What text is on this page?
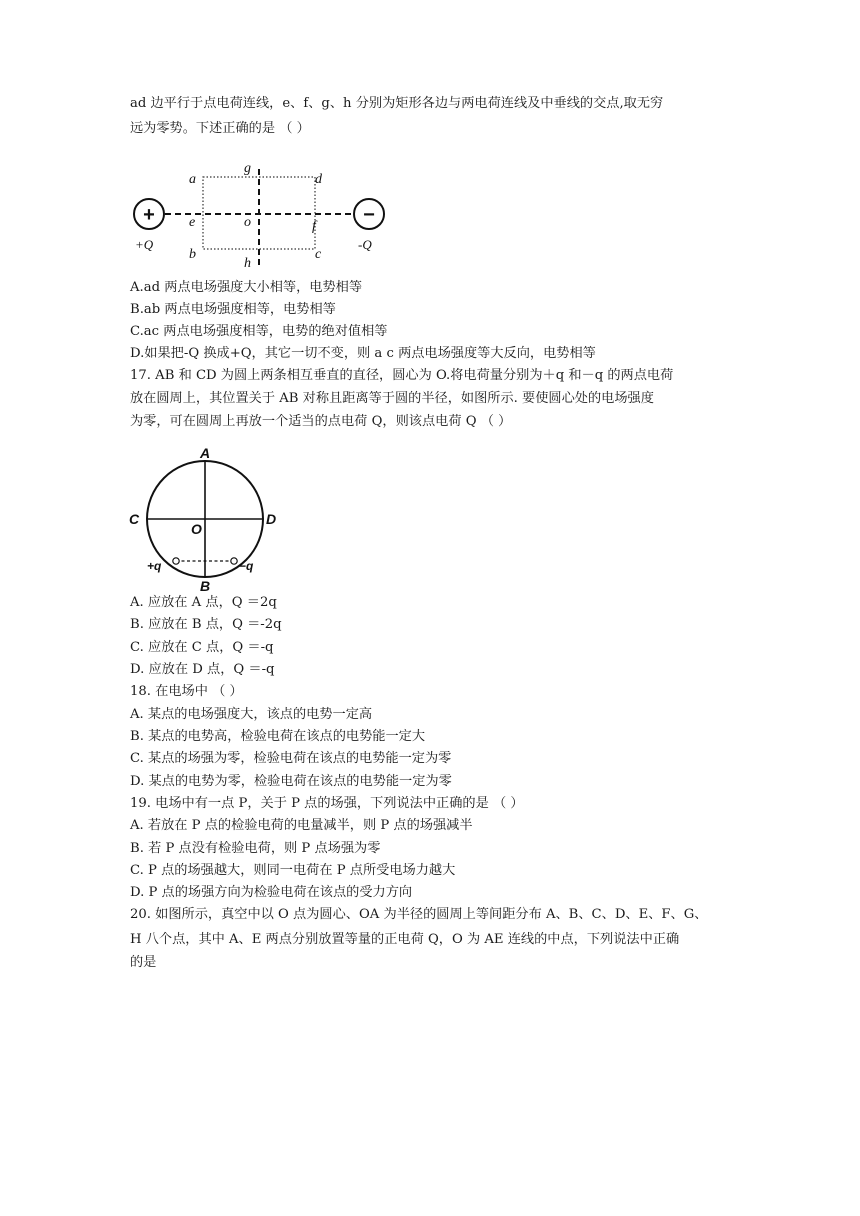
ad 边平行于点电荷连线，e、f、g、h 分别为矩形各边与两电荷连线及中垂线的交点,取无穷
远为零势。下述正确的是 （ ）
A.ad 两点电场强度大小相等，电势相等
B.ab 两点电场强度相等，电势相等
C.ac 两点电场强度相等，电势的绝对值相等
D.如果把-Q 换成+Q，其它一切不变，则 a c 两点电场强度等大反向，电势相等
17. AB 和 CD 为圆上两条相互垂直的直径，圆心为 O.将电荷量分别为＋q 和－q 的两点电荷
放在圆周上，其位置关于 AB 对称且距离等于圆的半径，如图所示. 要使圆心处的电场强度
为零，可在圆周上再放一个适当的点电荷 Q，则该点电荷 Q （ ）
A. 应放在 A 点，Q ＝2q
B. 应放在 B 点，Q ＝-2q
C. 应放在 C 点，Q ＝-q
D. 应放在 D 点，Q ＝-q
18. 在电场中 （ ）
A. 某点的电场强度大，该点的电势一定高
B. 某点的电势高，检验电荷在该点的电势能一定大
C. 某点的场强为零，检验电荷在该点的电势能一定为零
D. 某点的电势为零，检验电荷在该点的电势能一定为零
19. 电场中有一点 P，关于 P 点的场强，下列说法中正确的是 （ ）
A. 若放在 P 点的检验电荷的电量减半，则 P 点的场强减半
B. 若 P 点没有检验电荷，则 P 点场强为零
C. P 点的场强越大，则同一电荷在 P 点所受电场力越大
D. P 点的场强方向为检验电荷在该点的受力方向
20. 如图所示，真空中以 O 点为圆心、OA 为半径的圆周上等间距分布 A、B、C、D、E、F、G、
H 八个点，其中 A、E 两点分别放置等量的正电荷 Q，O 为 AE 连线的中点，下列说法中正确
的是
+	−
+Q	-Q
a
b	c
d
e	f
g
h
o
A
B
C	D
O
+q	−q
